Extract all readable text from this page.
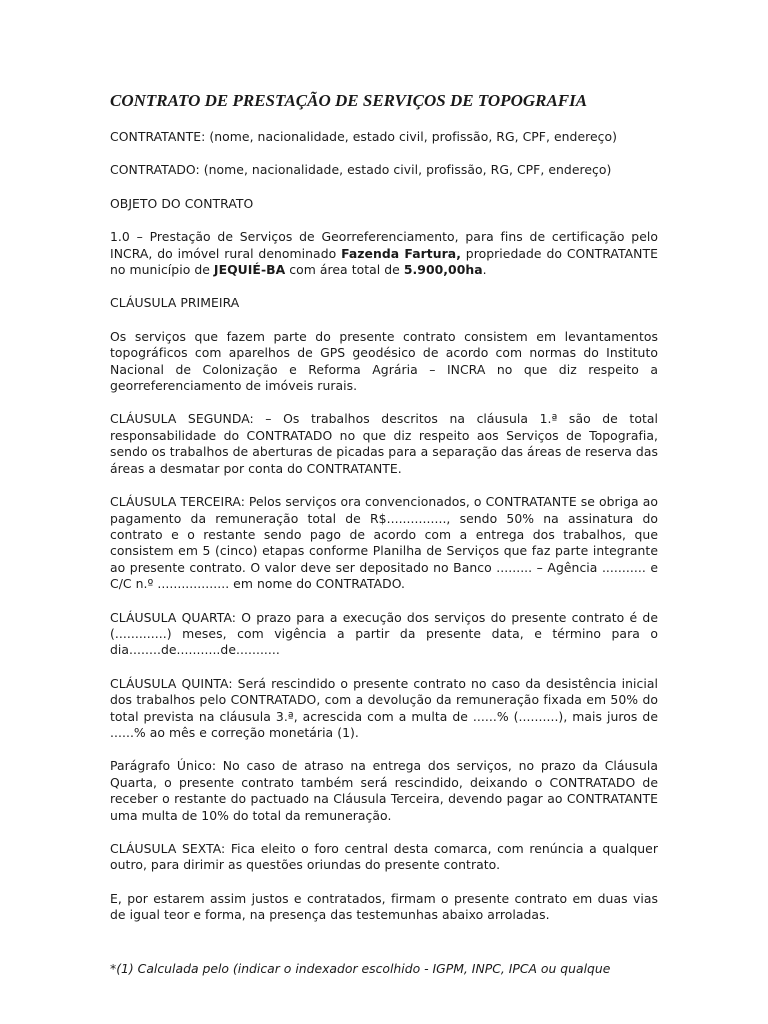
CONTRATO DE PRESTAÇÃO DE SERVIÇOS DE TOPOGRAFIA

CONTRATANTE: (nome, nacionalidade, estado civil, profissão, RG, CPF, endereço)

CONTRATADO: (nome, nacionalidade, estado civil, profissão, RG, CPF, endereço)

OBJETO DO CONTRATO

1.0 – Prestação de Serviços de Georreferenciamento, para fins de certificação pelo INCRA, do imóvel rural denominado Fazenda Fartura, propriedade do CONTRATANTE no município de JEQUIÉ-BA com área total de 5.900,00ha.

CLÁUSULA PRIMEIRA

Os serviços que fazem parte do presente contrato consistem em levantamentos topográficos com aparelhos de GPS geodésico de acordo com normas do Instituto Nacional de Colonização e Reforma Agrária – INCRA no que diz respeito a georreferenciamento de imóveis rurais.

CLÁUSULA SEGUNDA: – Os trabalhos descritos na cláusula 1.ª são de total responsabilidade do CONTRATADO no que diz respeito aos Serviços de Topografia, sendo os trabalhos de aberturas de picadas para a separação das áreas de reserva das áreas a desmatar por conta do CONTRATANTE.

CLÁUSULA TERCEIRA: Pelos serviços ora convencionados, o CONTRATANTE se obriga ao pagamento da remuneração total de R$..............., sendo 50% na assinatura do contrato e o restante sendo pago de acordo com a entrega dos trabalhos, que consistem em 5 (cinco) etapas conforme Planilha de Serviços que faz parte integrante ao presente contrato. O valor deve ser depositado no Banco ......... – Agência ........... e C/C n.º .................. em nome do CONTRATADO.

CLÁUSULA QUARTA: O prazo para a execução dos serviços do presente contrato é de (.............) meses, com vigência a partir da presente data, e término para o dia........de...........de...........

CLÁUSULA QUINTA: Será rescindido o presente contrato no caso da desistência inicial dos trabalhos pelo CONTRATADO, com a devolução da remuneração fixada em 50% do total prevista na cláusula 3.ª, acrescida com a multa de ......% (..........), mais juros de ......% ao mês e correção monetária (1).

Parágrafo Único: No caso de atraso na entrega dos serviços, no prazo da Cláusula Quarta, o presente contrato também será rescindido, deixando o CONTRATADO de receber o restante do pactuado na Cláusula Terceira, devendo pagar ao CONTRATANTE uma multa de 10% do total da remuneração.

CLÁUSULA SEXTA: Fica eleito o foro central desta comarca, com renúncia a qualquer outro, para dirimir as questões oriundas do presente contrato.

E, por estarem assim justos e contratados, firmam o presente contrato em duas vias de igual teor e forma, na presença das testemunhas abaixo arroladas.

*(1) Calculada pelo (indicar o indexador escolhido - IGPM, INPC, IPCA ou qualque
